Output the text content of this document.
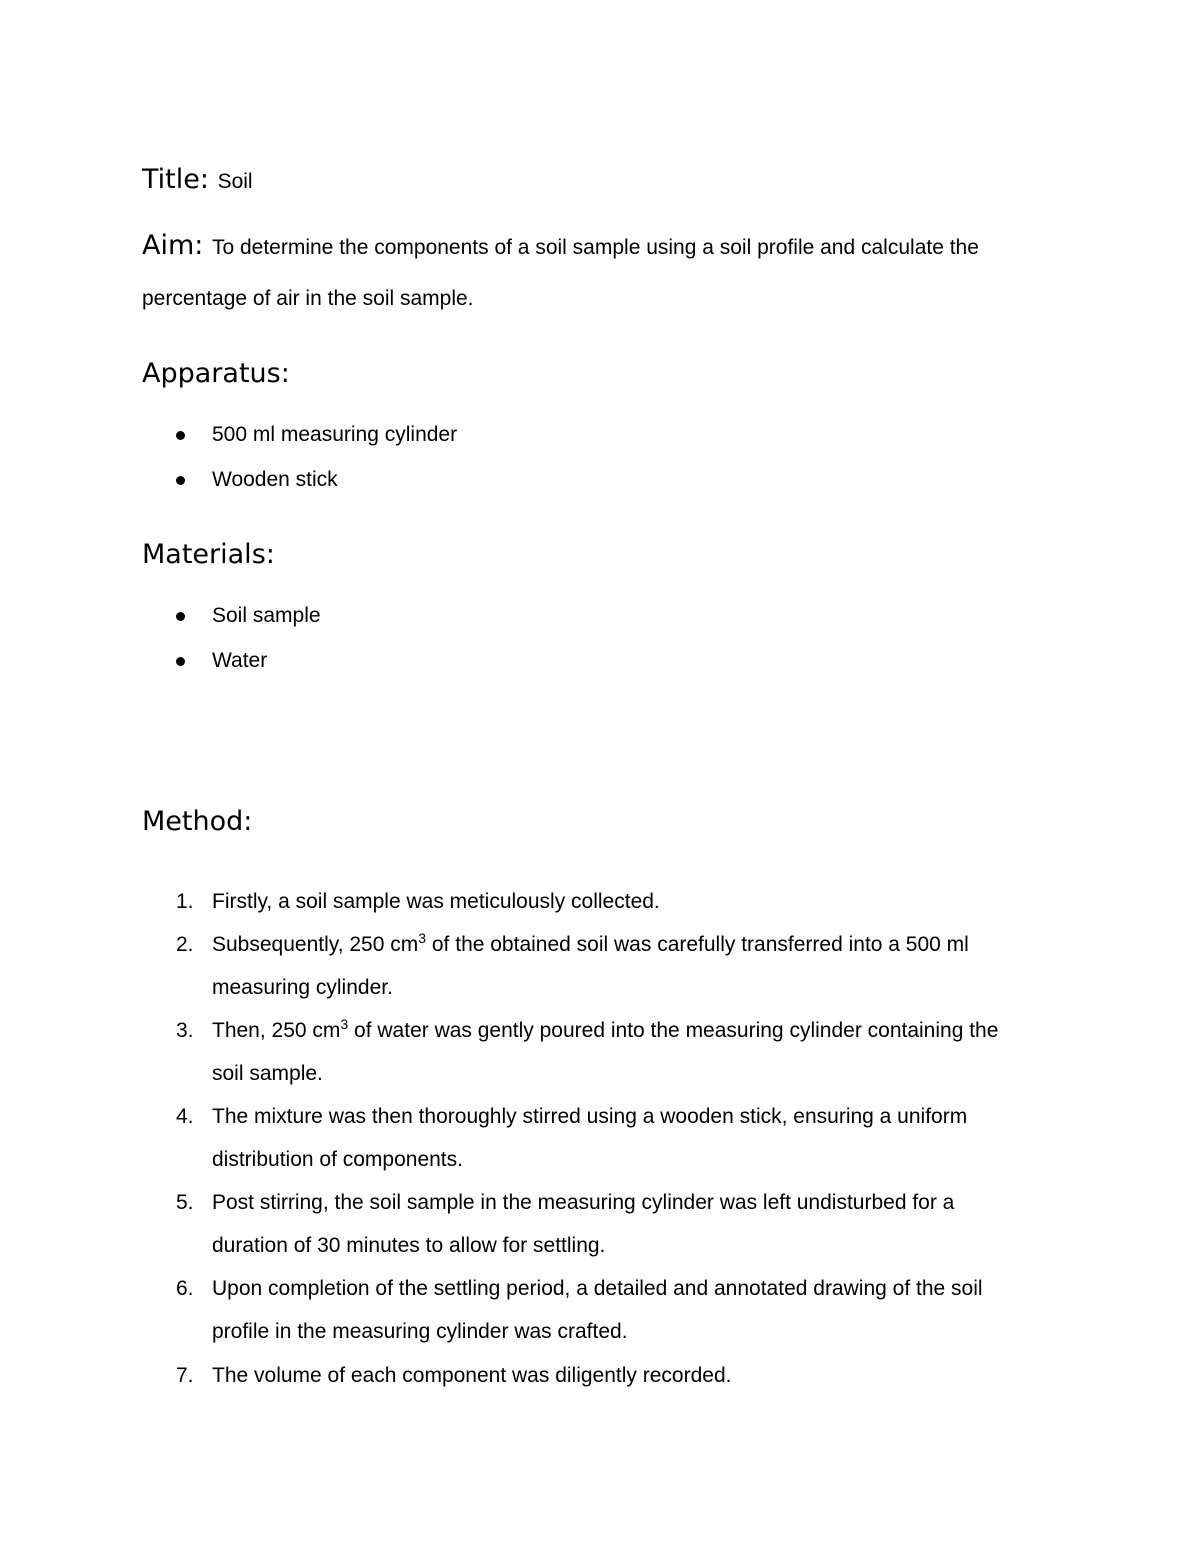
Title: Soil
Aim: To determine the components of a soil sample using a soil profile and calculate the
percentage of air in the soil sample.
Apparatus:
500 ml measuring cylinder
Wooden stick
Materials:
Soil sample
Water
Method:
1. Firstly, a soil sample was meticulously collected.
2. Subsequently, 250 $cm^3$ of the obtained soil was carefully transferred into a 500 ml
measuring cylinder.
3. Then, 250 $cm^3$ of water was gently poured into the measuring cylinder containing the
soil sample.
4. The mixture was then thoroughly stirred using a wooden stick, ensuring a uniform
distribution of components.
5. Post stirring, the soil sample in the measuring cylinder was left undisturbed for a
duration of 30 minutes to allow for settling.
6. Upon completion of the settling period, a detailed and annotated drawing of the soil
profile in the measuring cylinder was crafted.
7. The volume of each component was diligently recorded.
